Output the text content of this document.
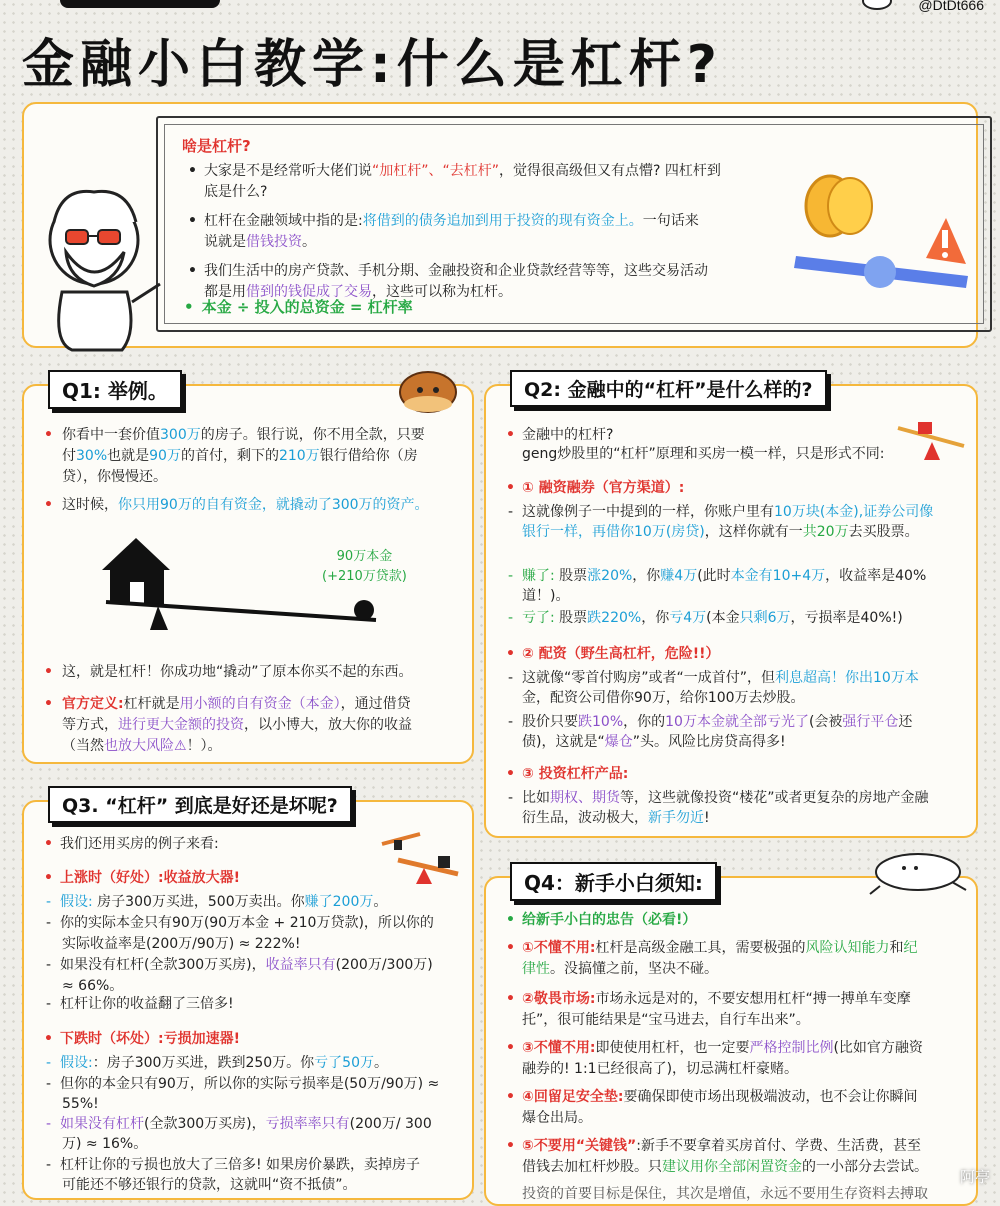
@DtDt666
金融小白教学:什么是杠杆?
啥是杠杆?
• 大家是不是经常听大佬们说“加杠杆”、“去杠杆”，觉得很高级但又有点懵? 四杠杆到
底是什么?
• 杠杆在金融领域中指的是:将借到的债务追加到用于投资的现有资金上。一句话来
说就是借钱投资。
• 我们生活中的房产贷款、手机分期、金融投资和企业贷款经营等等，这些交易活动
都是用借到的钱促成了交易，这些可以称为杠杆。
• 本金 ÷ 投入的总资金 = 杠杆率
Q1: 举例。
• 你看中一套价值300万的房子。银行说，你不用全款，只要
付30%也就是90万的首付，剩下的210万银行借给你（房
贷），你慢慢还。
• 这时候，你只用90万的自有资金，就撬动了300万的资产。
90万本金
(+210万贷款)
• 这，就是杠杆！你成功地“撬动”了原本你买不起的东西。
• 官方定义:杠杆就是用小额的自有资金（本金），通过借贷
等方式，进行更大金额的投资，以小博大，放大你的收益
（当然也放大风险⚠！）。
Q2: 金融中的“杠杆”是什么样的?
• 金融中的杠杆?
geng炒股里的“杠杆”原理和买房一模一样，只是形式不同:
• ① 融资融券（官方渠道）:
- 这就像例子一中提到的一样，你账户里有10万块(本金),证券公司像
银行一样，再借你10万(房贷)，这样你就有一共20万去买股票。
- 赚了: 股票涨20%，你赚4万(此时本金有10+4万，收益率是40%
道！)。
- 亏了: 股票跌220%，你亏4万(本金只剩6万，亏损率是40%!)
• ② 配资（野生高杠杆，危险!!）
- 这就像“零首付购房”或者“一成首付”，但利息超高！你出10万本
金，配资公司借你90万，给你100万去炒股。
- 股价只要跌10%，你的10万本金就全部亏光了(会被强行平仓还
债)，这就是“爆仓”头。风险比房贷高得多!
• ③ 投资杠杆产品:
- 比如期权、期货等，这些就像投资“楼花”或者更复杂的房地产金融
衍生品，波动极大，新手勿近!
Q3. “杠杆” 到底是好还是坏呢?
• 我们还用买房的例子来看:
• 上涨时（好处）:收益放大器!
- 假设: 房子300万买进，500万卖出。你赚了200万。
- 你的实际本金只有90万(90万本金 + 210万贷款)，所以你的
实际收益率是(200万/90万) ≈ 222%!
- 如果没有杠杆(全款300万买房)，收益率只有(200万/300万)
≈ 66%。
- 杠杆让你的收益翻了三倍多!
• 下跌时（坏处）:亏损加速器!
- 假设:：房子300万买进，跌到250万。你亏了50万。
- 但你的本金只有90万，所以你的实际亏损率是(50万/90万) ≈
55%!
- 如果没有杠杆(全款300万买房)，亏损率率只有(200万/ 300
万) ≈ 16%。
- 杠杆让你的亏损也放大了三倍多! 如果房价暴跌，卖掉房子
可能还不够还银行的贷款，这就叫“资不抵债”。
Q4：新手小白须知:
• 给新手小白的忠告（必看!）
• ①不懂不用:杠杆是高级金融工具，需要极强的风险认知能力和纪
律性。没搞懂之前，坚决不碰。
• ②敬畏市场:市场永远是对的，不要安想用杠杆“搏一搏单车变摩
托”，很可能结果是“宝马进去，自行车出来”。
• ③不懂不用:即使使用杠杆，也一定要严格控制比例(比如官方融资
融券的! 1:1已经很高了)，切忌满杠杆豪赌。
• ④回留足安全垫:要确保即使市场出现极端波动，也不会让你瞬间
爆仓出局。
• ⑤不要用“关键钱”:新手不要拿着买房首付、学费、生活费，甚至
借钱去加杠杆炒股。只建议用你全部闲置资金的一小部分去尝试。
投资的首要目标是保住，其次是增值，永远不要用生存资料去搏取
阿亭
